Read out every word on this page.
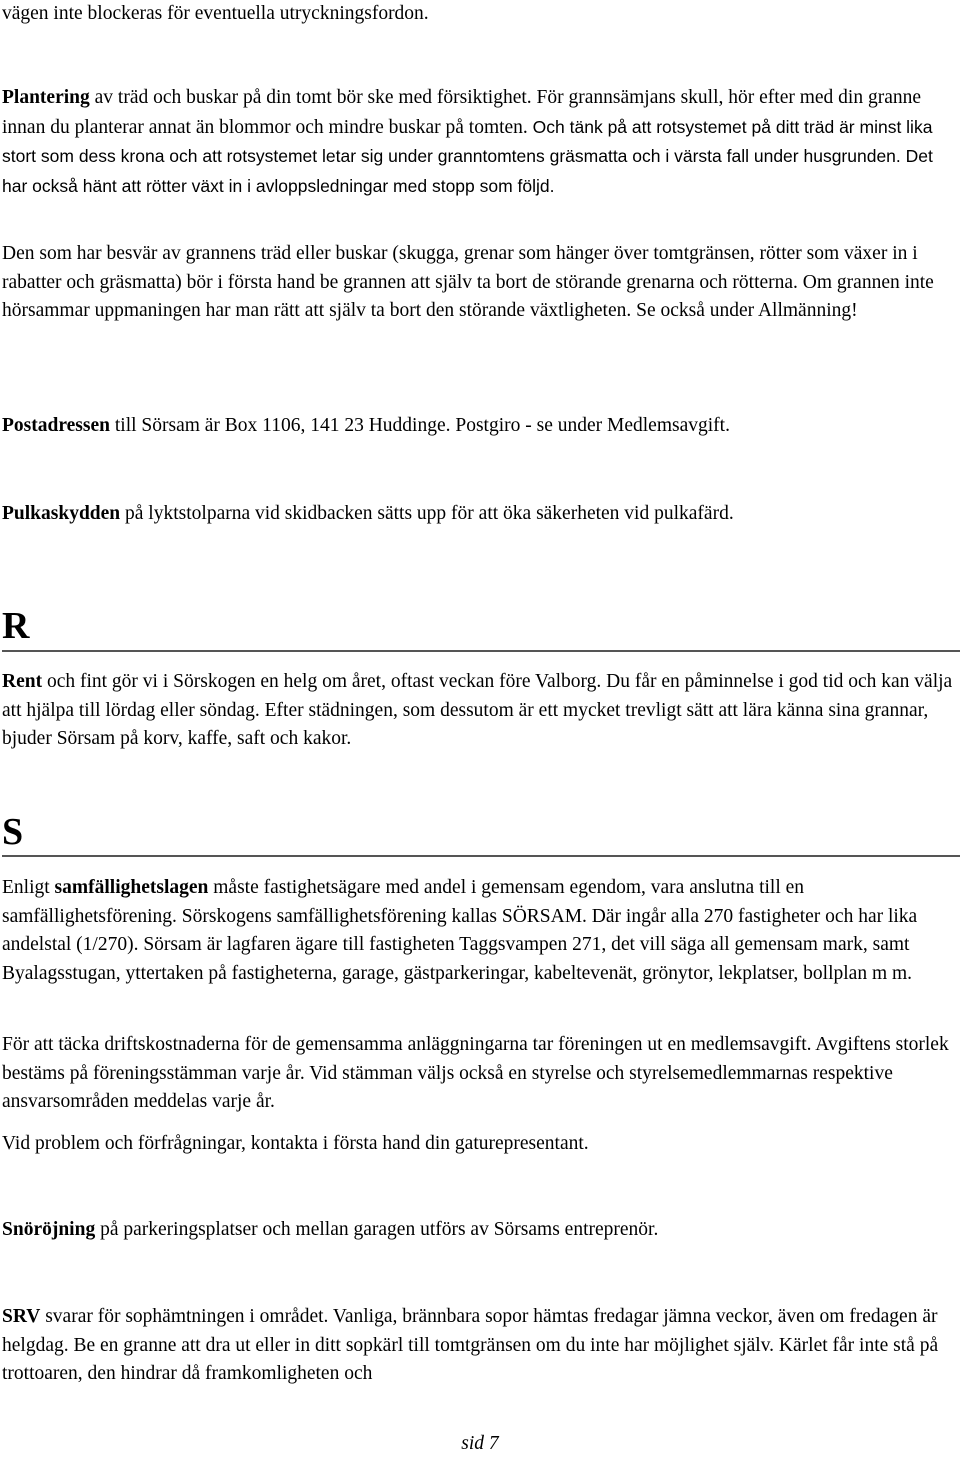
vägen inte blockeras för eventuella utryckningsfordon.

Plantering av träd och buskar på din tomt bör ske med försiktighet. För grannsämjans skull, hör efter med din granne innan du planterar annat än blommor och mindre buskar på tomten. Och tänk på att rotsystemet på ditt träd är minst lika stort som dess krona och att rotsystemet letar sig under granntomtens gräsmatta och i värsta fall under husgrunden. Det har också hänt att rötter växt in i avloppsledningar med stopp som följd.

Den som har besvär av grannens träd eller buskar (skugga, grenar som hänger över tomtgränsen, rötter som växer in i rabatter och gräsmatta) bör i första hand be grannen att själv ta bort de störande grenarna och rötterna. Om grannen inte hörsammar uppmaningen har man rätt att själv ta bort den störande växtligheten. Se också under Allmänning!

Postadressen till Sörsam är Box 1106, 141 23 Huddinge. Postgiro - se under Medlemsavgift.

Pulkaskydden på lyktstolparna vid skidbacken sätts upp för att öka säkerheten vid pulkafärd.

R

Rent och fint gör vi i Sörskogen en helg om året, oftast veckan före Valborg. Du får en påminnelse i god tid och kan välja att hjälpa till lördag eller söndag. Efter städningen, som dessutom är ett mycket trevligt sätt att lära känna sina grannar, bjuder Sörsam på korv, kaffe, saft och kakor.

S

Enligt samfällighetslagen måste fastighetsägare med andel i gemensam egendom, vara anslutna till en samfällighetsförening. Sörskogens samfällighetsförening kallas SÖRSAM. Där ingår alla 270 fastigheter och har lika andelstal (1/270). Sörsam är lagfaren ägare till fastigheten Taggsvampen 271, det vill säga all gemensam mark, samt Byalagsstugan, yttertaken på fastigheterna, garage, gästparkeringar, kabeltevenät, grönytor, lekplatser, bollplan m m.

För att täcka driftskostnaderna för de gemensamma anläggningarna tar föreningen ut en medlemsavgift. Avgiftens storlek bestäms på föreningsstämman varje år. Vid stämman väljs också en styrelse och styrelsemedlemmarnas respektive ansvarsområden meddelas varje år.

Vid problem och förfrågningar, kontakta i första hand din gaturepresentant.

Snöröjning på parkeringsplatser och mellan garagen utförs av Sörsams entreprenör.

SRV svarar för sophämtningen i området. Vanliga, brännbara sopor hämtas fredagar jämna veckor, även om fredagen är helgdag. Be en granne att dra ut eller in ditt sopkärl till tomtgränsen om du inte har möjlighet själv. Kärlet får inte stå på trottoaren, den hindrar då framkomligheten och

sid 7
